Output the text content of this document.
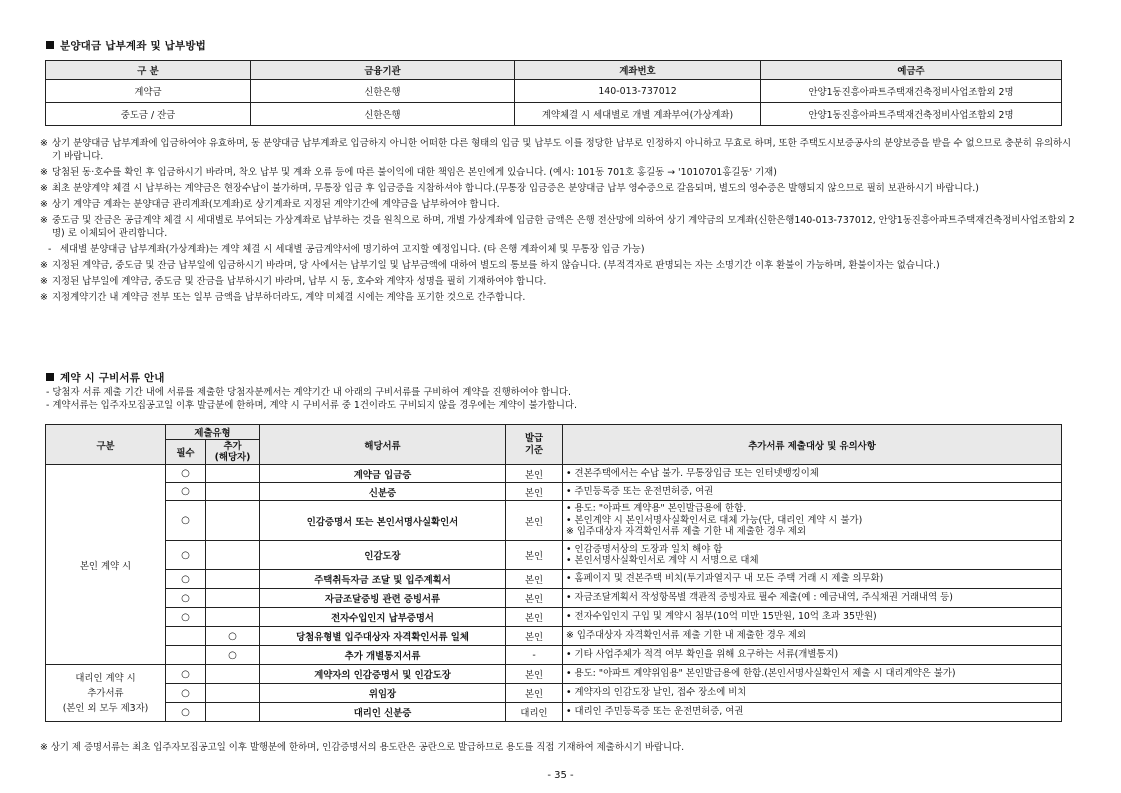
분양대금 납부계좌 및 납부방법
구 분	금융기관	계좌번호	예금주
계약금	신한은행	140-013-737012	안양1동진흥아파트주택재건축정비사업조합외 2명
중도금 / 잔금	신한은행	계약체결 시 세대별로 개별 계좌부여(가상계좌)	안양1동진흥아파트주택재건축정비사업조합외 2명
※ 상기 분양대금 납부계좌에 입금하여야 유효하며, 동 분양대금 납부계좌로 입금하지 아니한 어떠한 다른 형태의 입금 및 납부도 이를 정당한 납부로 인정하지 아니하고 무효로 하며, 또한 주택도시보증공사의 분양보증을 받을 수 없으므로 충분히 유의하시기 바랍니다.
※ 당첨된 동·호수를 확인 후 입금하시기 바라며, 착오 납부 및 계좌 오류 등에 따른 불이익에 대한 책임은 본인에게 있습니다. (예시: 101동 701호 홍길동 → '1010701홍길동' 기재)
※ 최초 분양계약 체결 시 납부하는 계약금은 현장수납이 불가하며, 무통장 입금 후 입금증을 지참하셔야 합니다.(무통장 입금증은 분양대금 납부 영수증으로 갈음되며, 별도의 영수증은 발행되지 않으므로 필히 보관하시기 바랍니다.)
※ 상기 계약금 계좌는 분양대금 관리계좌(모계좌)로 상기계좌로 지정된 계약기간에 계약금을 납부하여야 합니다.
※ 중도금 및 잔금은 공급계약 체결 시 세대별로 부여되는 가상계좌로 납부하는 것을 원칙으로 하며, 개별 가상계좌에 입금한 금액은 은행 전산망에 의하여 상기 계약금의 모계좌(신한은행140-013-737012, 안양1동진흥아파트주택재건축정비사업조합외 2명) 로 이체되어 관리합니다.
- 세대별 분양대금 납부계좌(가상계좌)는 계약 체결 시 세대별 공급계약서에 명기하여 고지할 예정입니다. (타 은행 계좌이체 및 무통장 입금 가능)
※ 지정된 계약금, 중도금 및 잔금 납부일에 입금하시기 바라며, 당 사에서는 납부기일 및 납부금액에 대하여 별도의 통보를 하지 않습니다. (부적격자로 판명되는 자는 소명기간 이후 환불이 가능하며, 환불이자는 없습니다.)
※ 지정된 납부일에 계약금, 중도금 및 잔금을 납부하시기 바라며, 납부 시 동, 호수와 계약자 성명을 필히 기재하여야 합니다.
※ 지정계약기간 내 계약금 전부 또는 일부 금액을 납부하더라도, 계약 미체결 시에는 계약을 포기한 것으로 간주합니다.
계약 시 구비서류 안내
- 당첨자 서류 제출 기간 내에 서류를 제출한 당첨자분께서는 계약기간 내 아래의 구비서류를 구비하여 계약을 진행하여야 합니다.
- 계약서류는 입주자모집공고일 이후 발급분에 한하며, 계약 시 구비서류 중 1건이라도 구비되지 않을 경우에는 계약이 불가합니다.
구분	제출유형		해당서류	발급
기준	추가서류 제출대상 및 유의사항
	필수	추가
(해당자)			
본인 계약 시	○		계약금 입금증	본인	• 견본주택에서는 수납 불가. 무통장입금 또는 인터넷뱅킹이체
	○		신분증	본인	• 주민등록증 또는 운전면허증, 여권
	○		인감증명서 또는 본인서명사실확인서	본인	• 용도: "아파트 계약용" 본인발급용에 한함.
• 본인계약 시 본인서명사실확인서로 대체 가능(단, 대리인 계약 시 불가)
※ 입주대상자 자격확인서류 제출 기한 내 제출한 경우 제외
	○		인감도장	본인	• 인감증명서상의 도장과 일치 해야 함
• 본인서명사실확인서로 계약 시 서명으로 대체
	○		주택취득자금 조달 및 입주계획서	본인	• 홈페이지 및 견본주택 비치(투기과열지구 내 모든 주택 거래 시 제출 의무화)
	○		자금조달증빙 관련 증빙서류	본인	• 자금조달계획서 작성항목별 객관적 증빙자료 필수 제출(예 : 예금내역, 주식채권 거래내역 등)
	○		전자수입인지 납부증명서	본인	• 전자수입인지 구입 및 계약시 첨부(10억 미만 15만원, 10억 초과 35만원)
		○	당첨유형별 입주대상자 자격확인서류 일체	본인	※ 입주대상자 자격확인서류 제출 기한 내 제출한 경우 제외
		○	추가 개별통지서류	-	• 기타 사업주체가 적격 여부 확인을 위해 요구하는 서류(개별통지)
대리인 계약 시
추가서류
(본인 외 모두 제3자)	○		계약자의 인감증명서 및 인감도장	본인	• 용도: "아파트 계약위임용" 본인발급용에 한함.(본인서명사실확인서 제출 시 대리계약은 불가)
	○		위임장	본인	• 계약자의 인감도장 날인, 접수 장소에 비치
	○		대리인 신분증	대리인	• 대리인 주민등록증 또는 운전면허증, 여권
※ 상기 제 증명서류는 최초 입주자모집공고일 이후 발행분에 한하며, 인감증명서의 용도란은 공란으로 발급하므로 용도를 직접 기재하여 제출하시기 바랍니다.
- 35 -
